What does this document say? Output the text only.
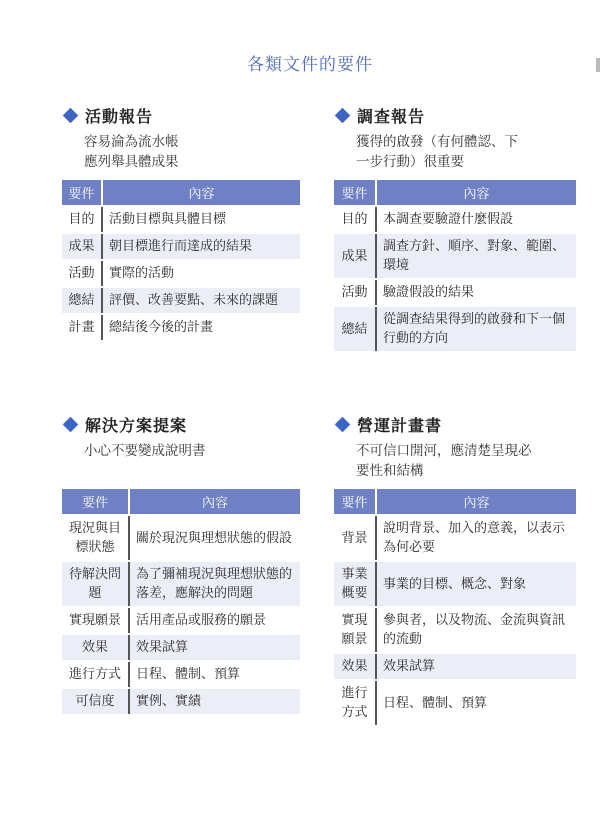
各類文件的要件
活動報告
容易淪為流水帳
應列舉具體成果
要件	內容
目的	活動目標與具體目標
成果	朝目標進行而達成的結果
活動	實際的活動
總結	評價、改善要點、未來的課題
計畫	總結後今後的計畫
調查報告
獲得的啟發（有何體認、下
一步行動）很重要
要件	內容
目的	本調查要驗證什麼假設
成果	調查方針、順序、對象、範圍、環境
活動	驗證假設的結果
總結	從調查結果得到的啟發和下一個行動的方向
解決方案提案
小心不要變成說明書
要件	內容
現況與目標狀態	關於現況與理想狀態的假設
待解決問題	為了彌補現況與理想狀態的落差，應解決的問題
實現願景	活用產品或服務的願景
效果	效果試算
進行方式	日程、體制、預算
可信度	實例、實績
營運計畫書
不可信口開河，應清楚呈現必
要性和結構
要件	內容
背景	說明背景、加入的意義，以表示為何必要
事業概要	事業的目標、概念、對象
實現願景	參與者，以及物流、金流與資訊的流動
效果	效果試算
進行方式	日程、體制、預算
